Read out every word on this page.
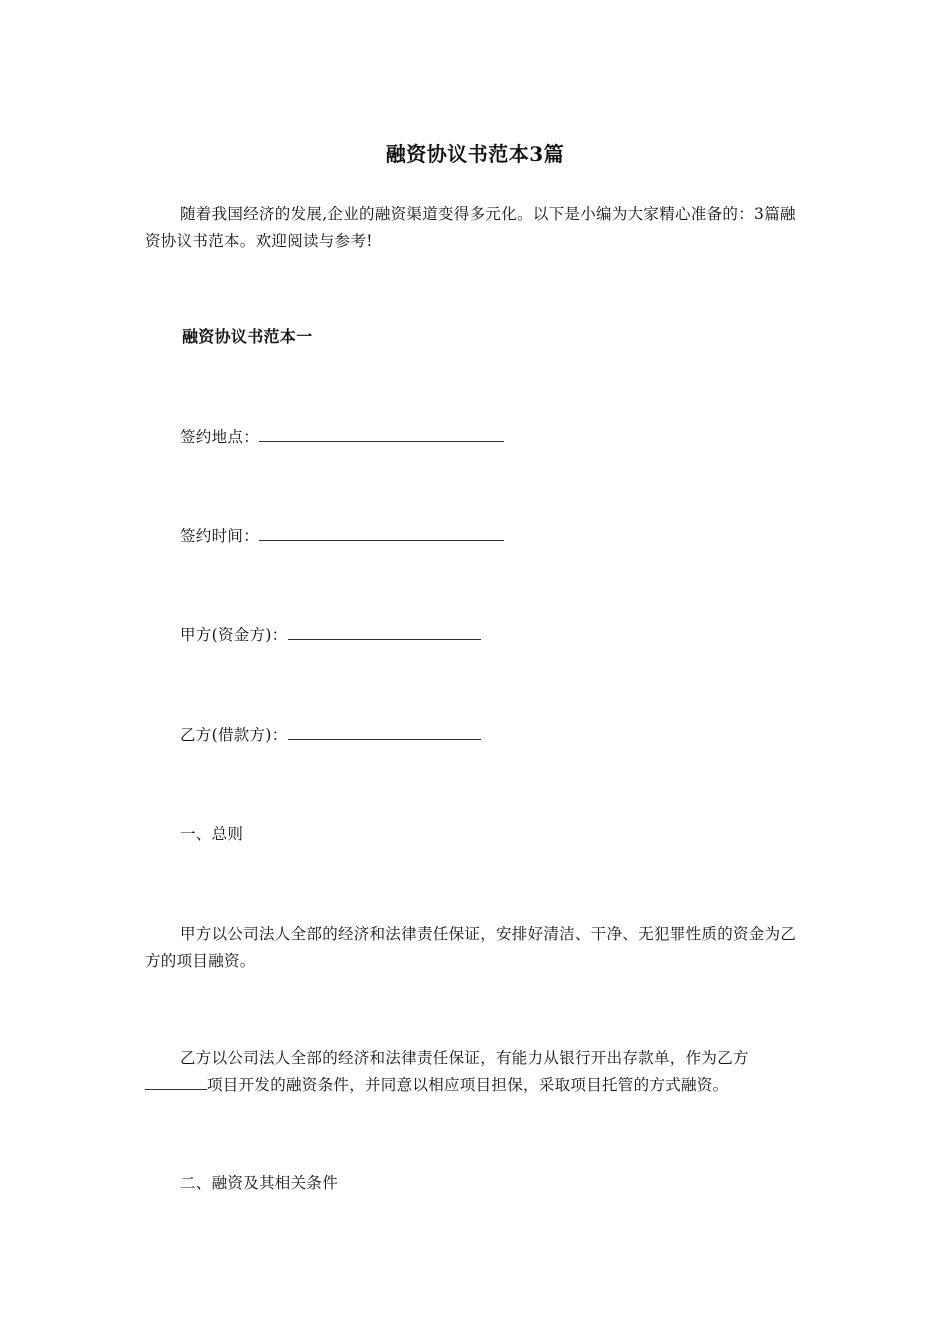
融资协议书范本3篇
随着我国经济的发展,企业的融资渠道变得多元化。以下是小编为大家精心准备的：3篇融资协议书范本。欢迎阅读与参考!
融资协议书范本一
签约地点：
签约时间：
甲方(资金方)：
乙方(借款方)：
一、总则
甲方以公司法人全部的经济和法律责任保证，安排好清洁、干净、无犯罪性质的资金为乙方的项目融资。
乙方以公司法人全部的经济和法律责任保证，有能力从银行开出存款单，作为乙方项目开发的融资条件，并同意以相应项目担保，采取项目托管的方式融资。
二、融资及其相关条件
